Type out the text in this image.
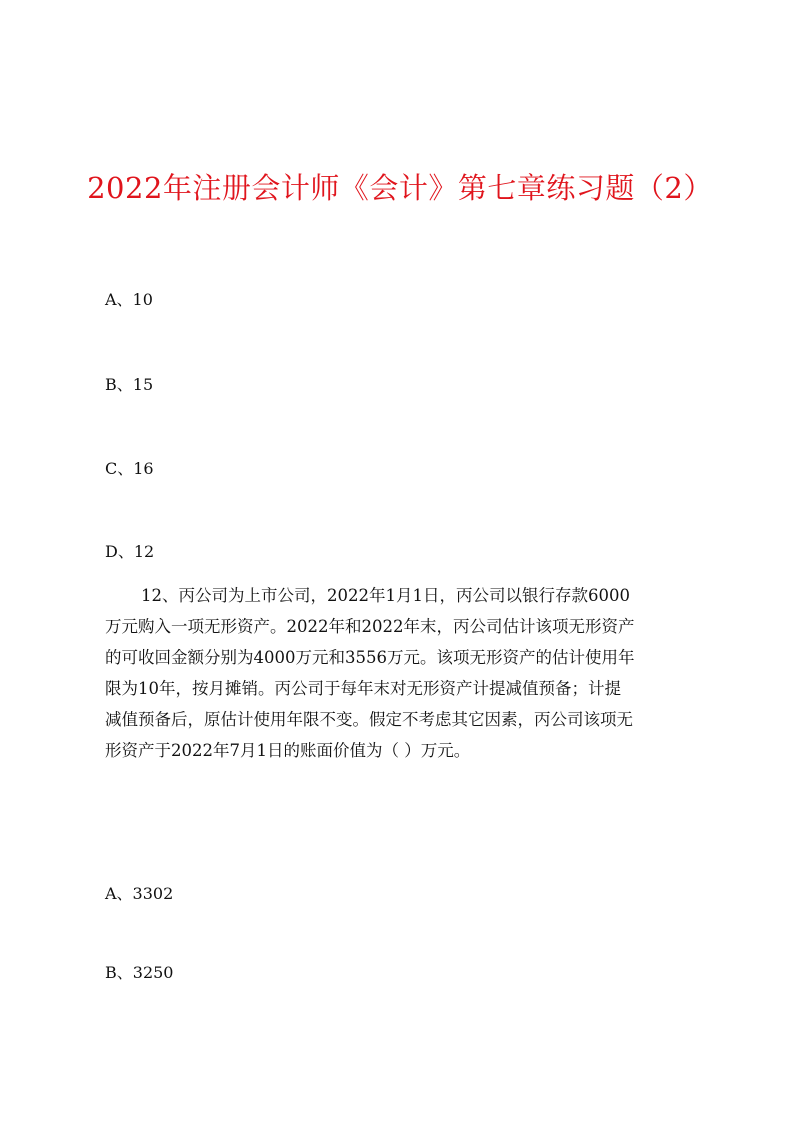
2022年注册会计师《会计》第七章练习题（2）
A、10
B、15
C、16
D、12

12、丙公司为上市公司，2022年1月1日，丙公司以银行存款6000

万元购入一项无形资产。2022年和2022年末，丙公司估计该项无形资产

的可收回金额分别为4000万元和3556万元。该项无形资产的估计使用年

限为10年，按月摊销。丙公司于每年末对无形资产计提减值预备；计提

减值预备后，原估计使用年限不变。假定不考虑其它因素，丙公司该项无

形资产于2022年7月1日的账面价值为（ ）万元。

A、3302
B、3250
